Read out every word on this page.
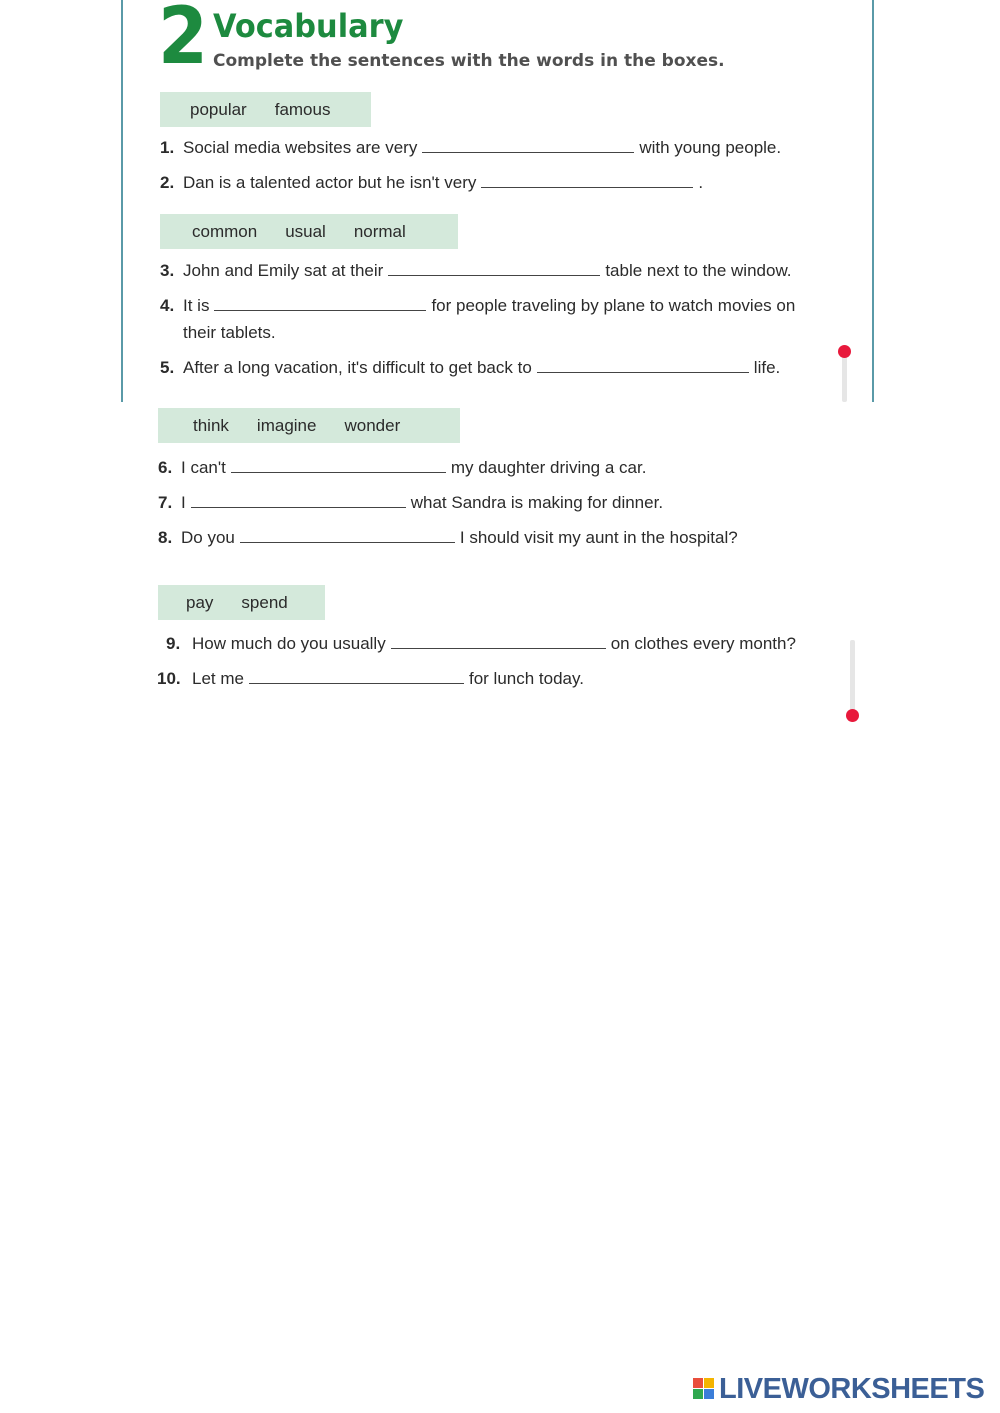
2 Vocabulary
Complete the sentences with the words in the boxes.
popular famous
1. Social media websites are very	with young people.
2. Dan is a talented actor but he isn't very	.
common usual normal
3. John and Emily sat at their	table next to the window.
4. It is	for people traveling by plane to watch movies on
their tablets.
5. After a long vacation, it's difficult to get back to	life.
think imagine wonder
6. I can't	my daughter driving a car.
7. I	what Sandra is making for dinner.
8. Do you	I should visit my aunt in the hospital?
pay spend
9. How much do you usually	on clothes every month?
10. Let me	for lunch today.
LIVEWORKSHEETS
